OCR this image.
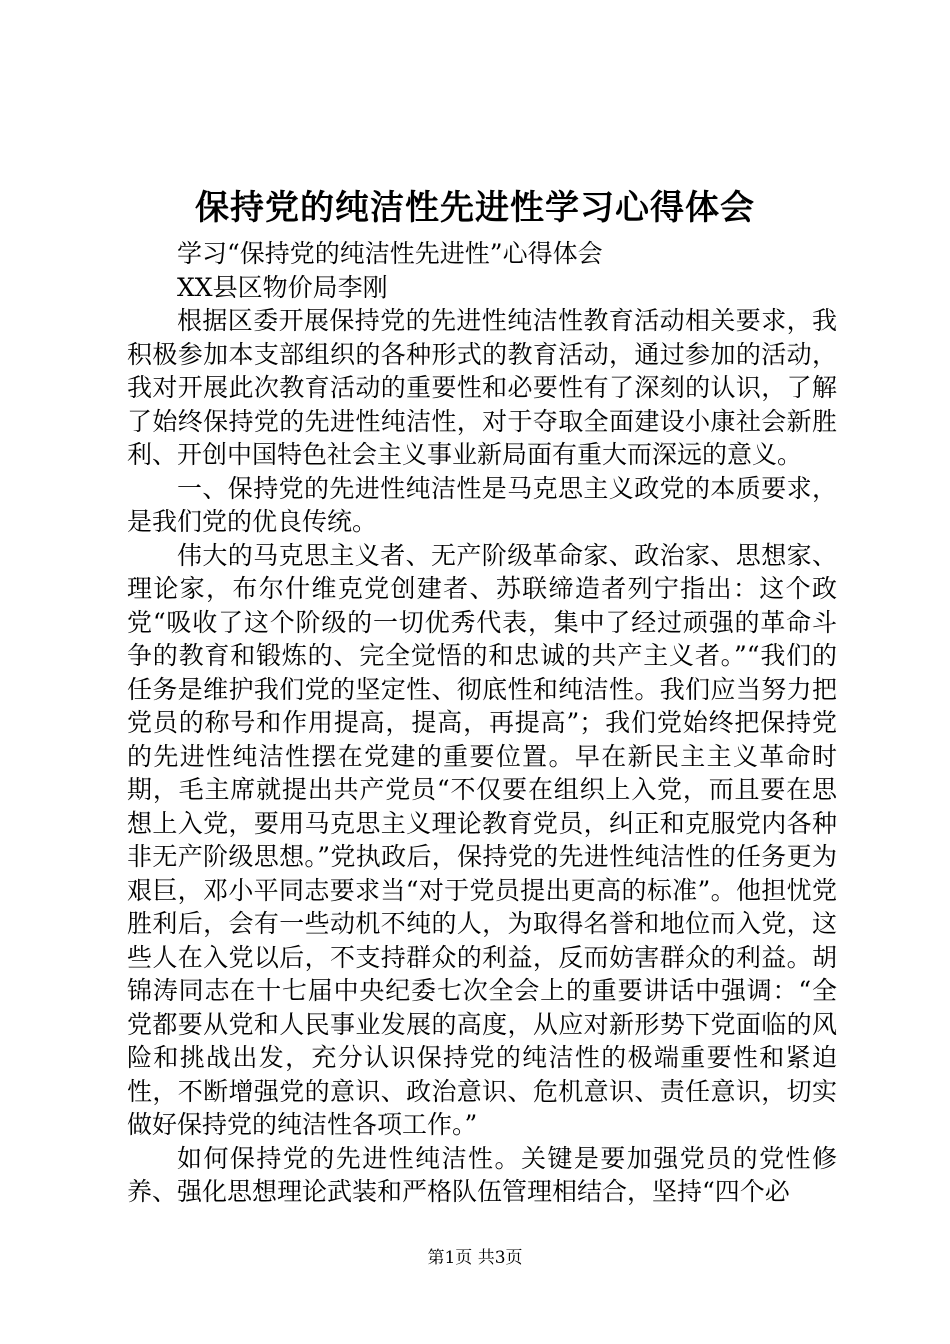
保持党的纯洁性先进性学习心得体会

学习“保持党的纯洁性先进性”心得体会

XX县区物价局李刚

根据区委开展保持党的先进性纯洁性教育活动相关要求，我积极参加本支部组织的各种形式的教育活动，通过参加的活动，我对开展此次教育活动的重要性和必要性有了深刻的认识，了解了始终保持党的先进性纯洁性，对于夺取全面建设小康社会新胜利、开创中国特色社会主义事业新局面有重大而深远的意义。

一、保持党的先进性纯洁性是马克思主义政党的本质要求，是我们党的优良传统。

伟大的马克思主义者、无产阶级革命家、政治家、思想家、理论家，布尔什维克党创建者、苏联缔造者列宁指出：这个政党“吸收了这个阶级的一切优秀代表，集中了经过顽强的革命斗争的教育和锻炼的、完全觉悟的和忠诚的共产主义者。”“我们的任务是维护我们党的坚定性、彻底性和纯洁性。我们应当努力把党员的称号和作用提高，提高，再提高”；我们党始终把保持党的先进性纯洁性摆在党建的重要位置。早在新民主主义革命时期，毛主席就提出共产党员“不仅要在组织上入党，而且要在思想上入党，要用马克思主义理论教育党员，纠正和克服党内各种非无产阶级思想。”党执政后，保持党的先进性纯洁性的任务更为艰巨，邓小平同志要求当“对于党员提出更高的标准”。他担忧党胜利后，会有一些动机不纯的人，为取得名誉和地位而入党，这些人在入党以后，不支持群众的利益，反而妨害群众的利益。胡锦涛同志在十七届中央纪委七次全会上的重要讲话中强调：“全党都要从党和人民事业发展的高度，从应对新形势下党面临的风险和挑战出发，充分认识保持党的纯洁性的极端重要性和紧迫性，不断增强党的意识、政治意识、危机意识、责任意识，切实做好保持党的纯洁性各项工作。”

如何保持党的先进性纯洁性。关键是要加强党员的党性修养、强化思想理论武装和严格队伍管理相结合，坚持“四个必

第1页 共3页
